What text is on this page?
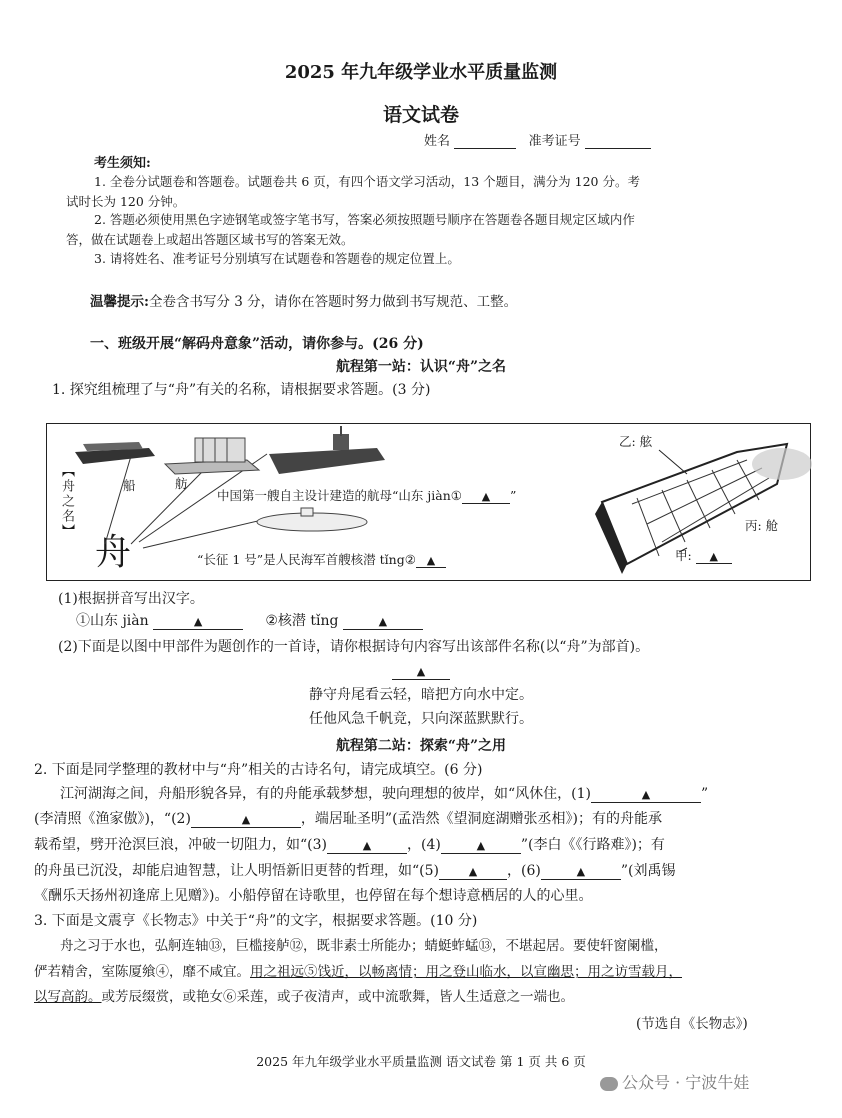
2025 年九年级学业水平质量监测
语文试卷
姓名	准考证号
考生须知:
1. 全卷分试题卷和答题卷。试题卷共 6 页，有四个语文学习活动，13 个题目，满分为 120 分。考
试时长为 120 分钟。
2. 答题必须使用黑色字迹钢笔或签字笔书写，答案必须按照题号顺序在答题卷各题目规定区域内作
答，做在试题卷上或超出答题区域书写的答案无效。
3. 请将姓名、准考证号分别填写在试题卷和答题卷的规定位置上。
温馨提示:全卷含书写分 3 分，请你在答题时努力做到书写规范、工整。
一、班级开展“解码舟意象”活动，请你参与。(26 分)
航程第一站：认识“舟”之名
1. 探究组梳理了与“舟”有关的名称，请根据要求答题。(3 分)
【舟之名】
舟
船	舫
中国第一艘自主设计建造的航母“山东 jiàn① ▲ ”
“长征 1 号”是人民海军首艘核潜 tǐng② ▲
乙: 舷
丙: 舱
甲: ▲
(1)根据拼音写出汉字。
①山东 jiàn	▲	②核潜 tǐng	▲
(2)下面是以图中甲部件为题创作的一首诗，请你根据诗句内容写出该部件名称(以“舟”为部首)。
▲
静守舟尾看云轻，暗把方向水中定。
任他风急千帆竞，只向深蓝默默行。
航程第二站：探索“舟”之用
2. 下面是同学整理的教材中与“舟”相关的古诗名句，请完成填空。(6 分)
江河湖海之间，舟船形貌各异，有的舟能承载梦想，驶向理想的彼岸，如“风休住，(1)	▲	”
(李清照《渔家傲》)，“(2)	▲	，端居耻圣明”(孟浩然《望洞庭湖赠张丞相》)；有的舟能承
载希望，劈开沧溟巨浪，冲破一切阻力，如“(3)	▲	，(4)	▲	”(李白《《行路难》)；有
的舟虽已沉没，却能启迪智慧，让人明悟新旧更替的哲理，如“(5)	▲ ，(6)	▲	”(刘禹锡
《酬乐天扬州初逢席上见赠》)。小船停留在诗歌里，也停留在每个想诗意栖居的人的心里。
3. 下面是文震亨《长物志》中关于“舟”的文字，根据要求答题。(10 分)
舟之习于水也，弘舸连轴⑬，巨槛接舻⑫，既非素士所能办；蜻蜓蚱蜢⑬，不堪起居。要使轩窗阑槛，
俨若精舍，室陈厦飨④，靡不咸宜。用之祖远⑤饯近，以畅离情；用之登山临水，以宣幽思；用之访雪载月，
以写高韵。或芳辰缀赏，或艳女⑥采莲，或子夜清声，或中流歌舞，皆人生适意之一端也。
(节选自《长物志》)
2025 年九年级学业水平质量监测 语文试卷 第 1 页 共 6 页
公众号 · 宁波牛娃
